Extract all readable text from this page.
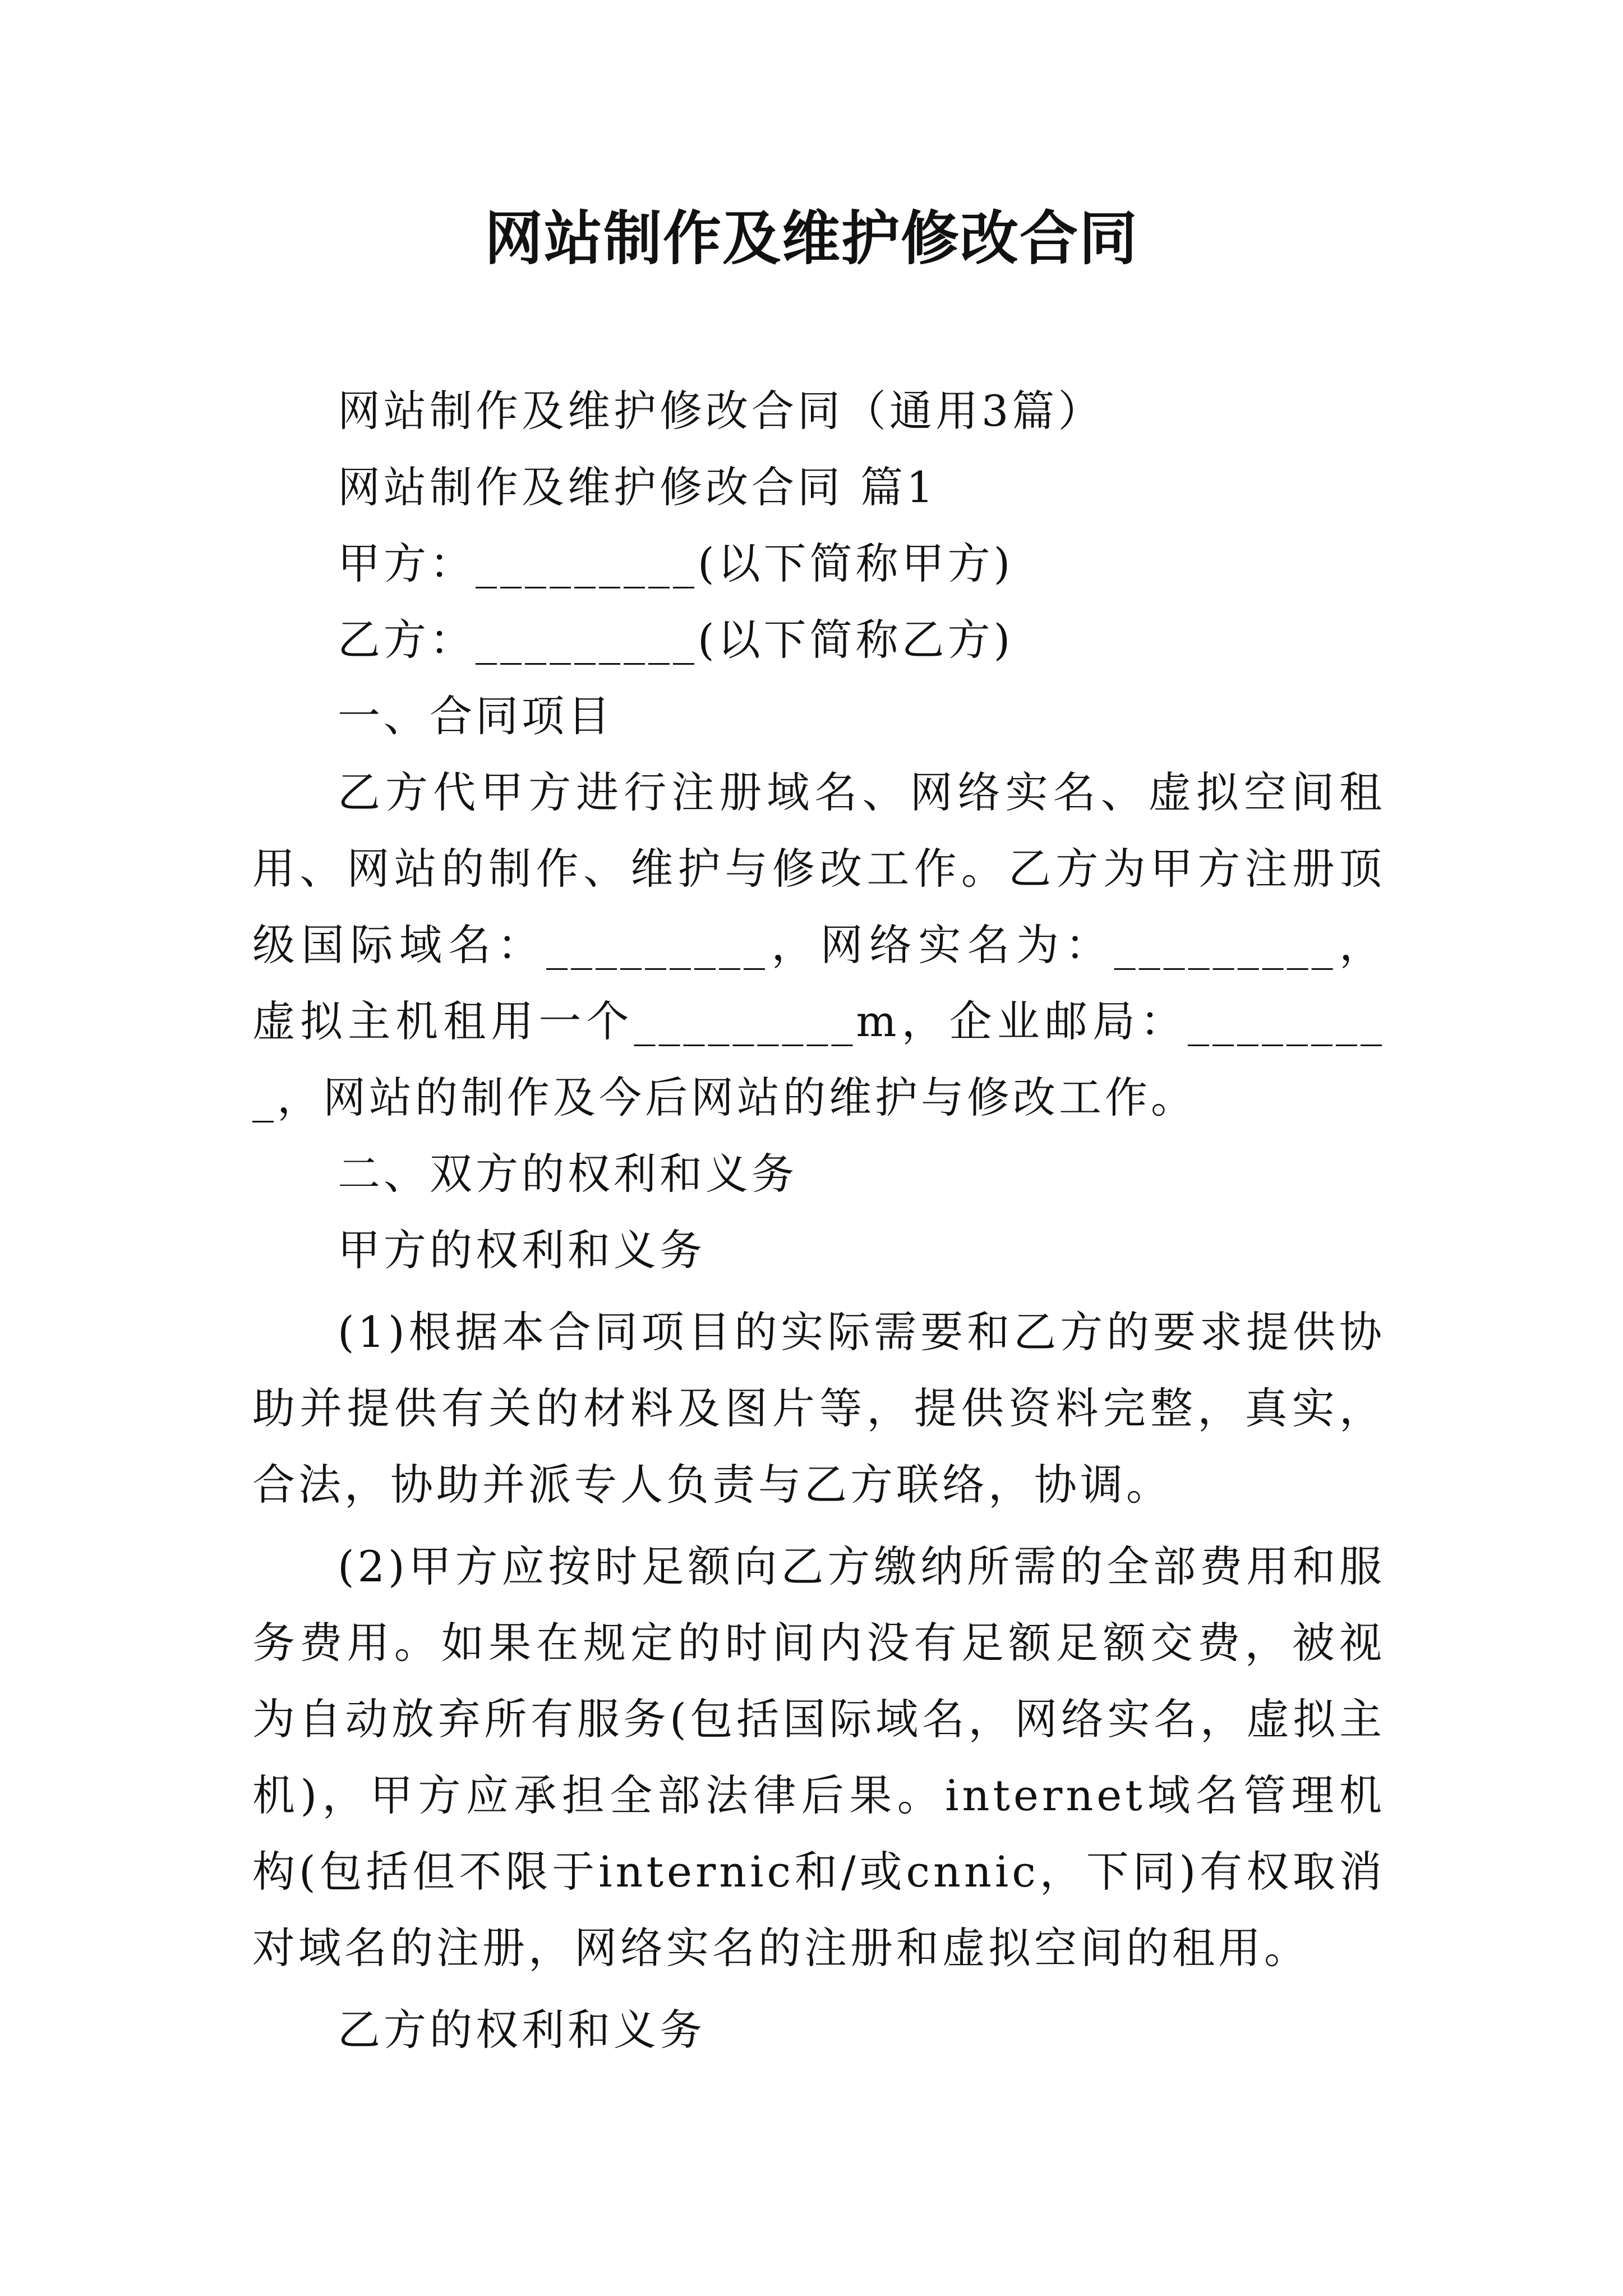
网站制作及维护修改合同

网站制作及维护修改合同（通用3篇）

网站制作及维护修改合同 篇1

甲方：_________(以下简称甲方)

乙方：_________(以下简称乙方)

一、合同项目

乙方代甲方进行注册域名、网络实名、虚拟空间租用、网站的制作、维护与修改工作。乙方为甲方注册顶级国际域名：_________，网络实名为：_________，虚拟主机租用一个_________m，企业邮局：_________，网站的制作及今后网站的维护与修改工作。

二、双方的权利和义务

甲方的权利和义务

(1)根据本合同项目的实际需要和乙方的要求提供协助并提供有关的材料及图片等，提供资料完整，真实，合法，协助并派专人负责与乙方联络，协调。

(2)甲方应按时足额向乙方缴纳所需的全部费用和服务费用。如果在规定的时间内没有足额足额交费，被视为自动放弃所有服务(包括国际域名，网络实名，虚拟主机)，甲方应承担全部法律后果。internet域名管理机构(包括但不限于internic和/或cnnic，下同)有权取消对域名的注册，网络实名的注册和虚拟空间的租用。

乙方的权利和义务
